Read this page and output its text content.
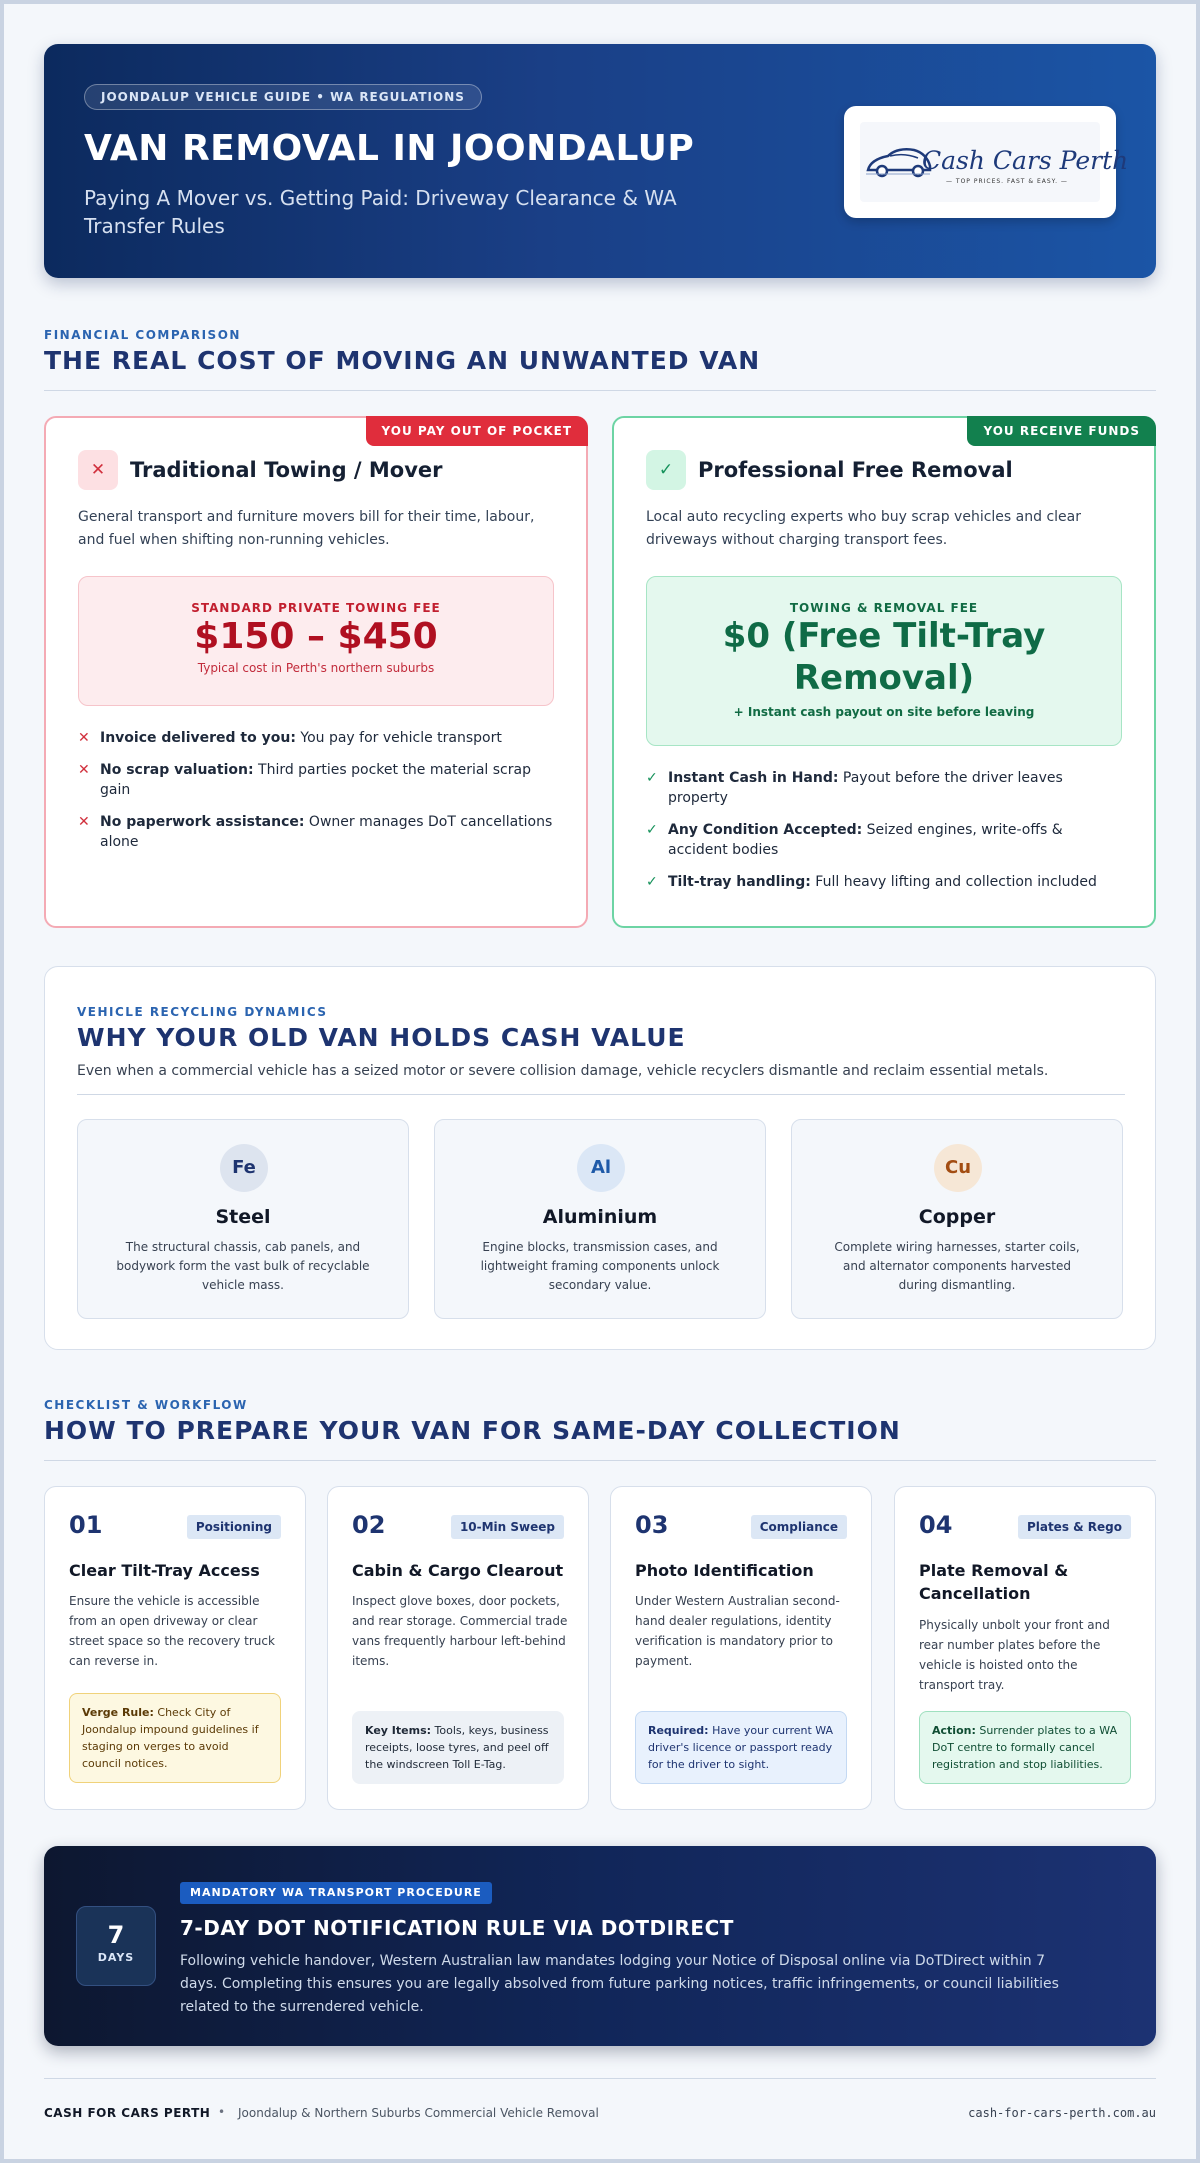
JOONDALUP VEHICLE GUIDE • WA REGULATIONS
VAN REMOVAL IN JOONDALUP
Paying A Mover vs. Getting Paid: Driveway Clearance & WA Transfer Rules
Cash Cars Perth
— TOP PRICES. FAST & EASY. —
FINANCIAL COMPARISON
THE REAL COST OF MOVING AN UNWANTED VAN
YOU PAY OUT OF POCKET
✕	Traditional Towing / Mover
General transport and furniture movers bill for their time, labour, and fuel when shifting non-running vehicles.
STANDARD PRIVATE TOWING FEE
$150 – $450
Typical cost in Perth's northern suburbs
✕ Invoice delivered to you: You pay for vehicle transport
✕ No scrap valuation: Third parties pocket the material scrap gain
✕ No paperwork assistance: Owner manages DoT cancellations alone
YOU RECEIVE FUNDS
✓	Professional Free Removal
Local auto recycling experts who buy scrap vehicles and clear driveways without charging transport fees.
TOWING & REMOVAL FEE
$0 (Free Tilt-Tray Removal)
+ Instant cash payout on site before leaving
✓ Instant Cash in Hand: Payout before the driver leaves property
✓ Any Condition Accepted: Seized engines, write-offs & accident bodies
✓ Tilt-tray handling: Full heavy lifting and collection included
VEHICLE RECYCLING DYNAMICS
WHY YOUR OLD VAN HOLDS CASH VALUE
Even when a commercial vehicle has a seized motor or severe collision damage, vehicle recyclers dismantle and reclaim essential metals.
Fe
Steel
The structural chassis, cab panels, and bodywork form the vast bulk of recyclable vehicle mass.
Al
Aluminium
Engine blocks, transmission cases, and lightweight framing components unlock secondary value.
Cu
Copper
Complete wiring harnesses, starter coils, and alternator components harvested during dismantling.
CHECKLIST & WORKFLOW
HOW TO PREPARE YOUR VAN FOR SAME-DAY COLLECTION
01	Positioning
Clear Tilt-Tray Access
Ensure the vehicle is accessible from an open driveway or clear street space so the recovery truck can reverse in.
Verge Rule: Check City of Joondalup impound guidelines if staging on verges to avoid council notices.
02	10-Min Sweep
Cabin & Cargo Clearout
Inspect glove boxes, door pockets, and rear storage. Commercial trade vans frequently harbour left-behind items.
Key Items: Tools, keys, business receipts, loose tyres, and peel off the windscreen Toll E-Tag.
03	Compliance
Photo Identification
Under Western Australian second-hand dealer regulations, identity verification is mandatory prior to payment.
Required: Have your current WA driver's licence or passport ready for the driver to sight.
04	Plates & Rego
Plate Removal & Cancellation
Physically unbolt your front and rear number plates before the vehicle is hoisted onto the transport tray.
Action: Surrender plates to a WA DoT centre to formally cancel registration and stop liabilities.
7
DAYS
MANDATORY WA TRANSPORT PROCEDURE
7-DAY DOT NOTIFICATION RULE VIA DOTDIRECT
Following vehicle handover, Western Australian law mandates lodging your Notice of Disposal online via DoTDirect within 7 days. Completing this ensures you are legally absolved from future parking notices, traffic infringements, or council liabilities related to the surrendered vehicle.
CASH FOR CARS PERTH • Joondalup & Northern Suburbs Commercial Vehicle Removal	cash-for-cars-perth.com.au
